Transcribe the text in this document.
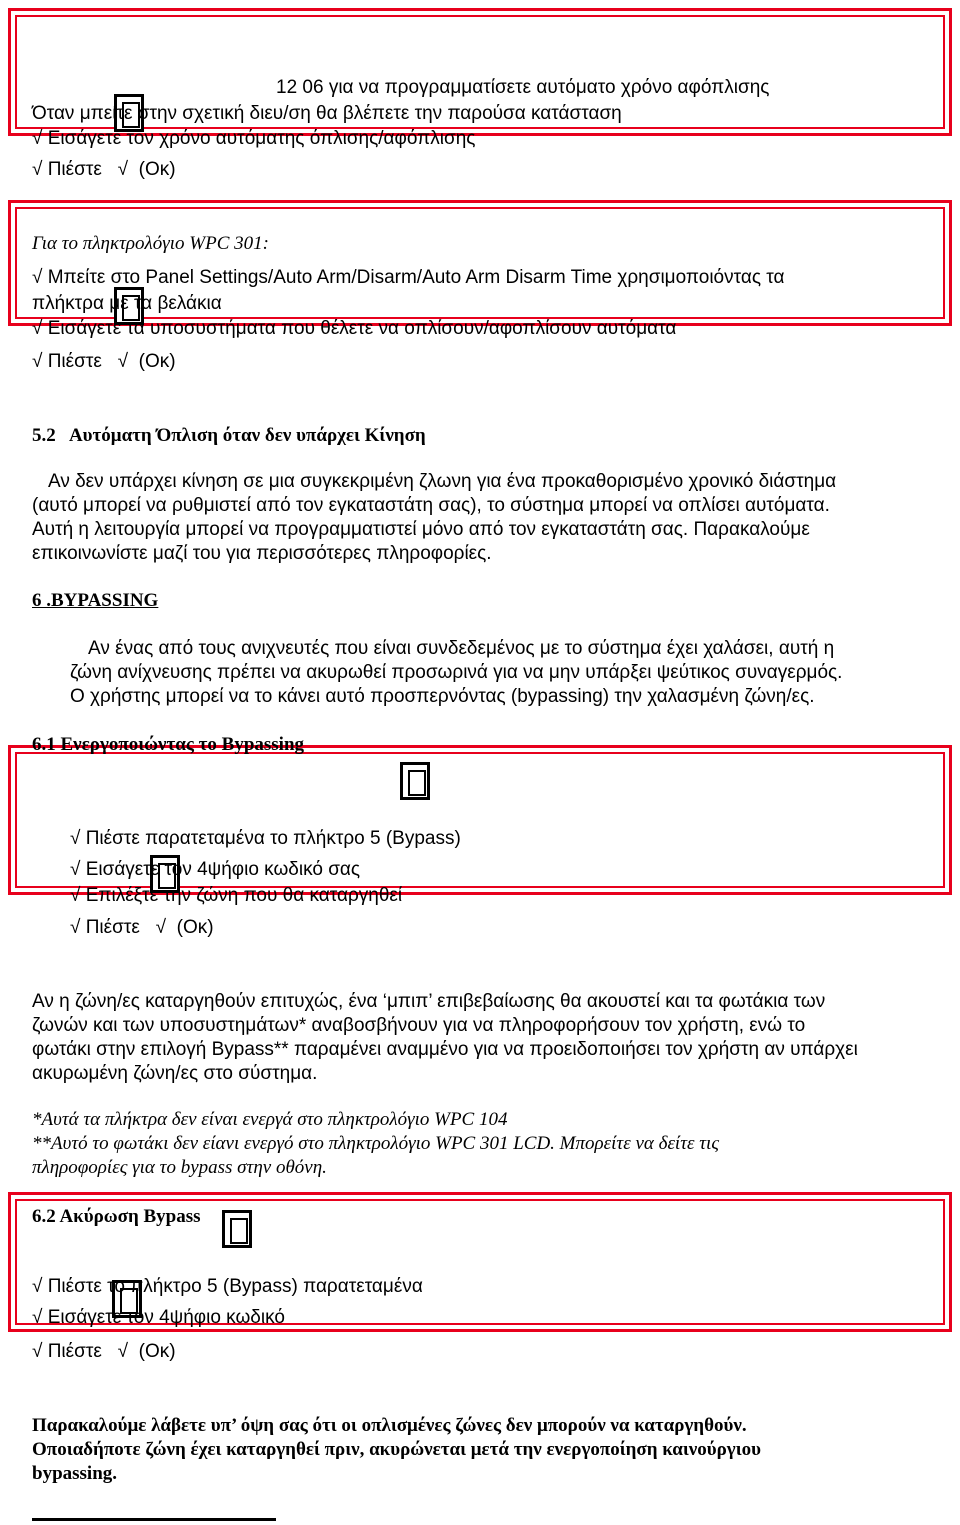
12 06 για να προγραμματίσετε αυτόματο χρόνο αφόπλισης
Όταν μπείτε στην σχετική διευ/ση θα βλέπετε την παρούσα κατάσταση
√ Εισάγετε τον χρόνο αυτόματης όπλισης/αφόπλισης
√ Πιέστε   √  (Οκ)
Για το πληκτρολόγιο WPC 301:
√ Μπείτε στο Panel Settings/Auto Arm/Disarm/Auto Arm Disarm Time χρησιμοποιόντας τα
πλήκτρα με τα βελάκια
√ Εισάγετε τα υποσυστήματα που θέλετε να οπλίσουν/αφοπλίσουν αυτόματα
√ Πιέστε   √  (Οκ)
5.2   Αυτόματη Όπλιση όταν δεν υπάρχει Κίνηση
Αν δεν υπάρχει κίνηση σε μια συγκεκριμένη ζλωνη για ένα προκαθορισμένο χρονικό διάστημα
(αυτό μπορεί να ρυθμιστεί από τον εγκαταστάτη σας), το σύστημα μπορεί να οπλίσει αυτόματα.
Αυτή η λειτουργία μπορεί να προγραμματιστεί μόνο από τον εγκαταστάτη σας. Παρακαλούμε
επικοινωνίστε μαζί του για περισσότερες πληροφορίες.
6 .BYPASSING
Αν ένας από τους ανιχνευτές που είναι συνδεδεμένος με το σύστημα έχει χαλάσει, αυτή η
ζώνη ανίχνευσης πρέπει να ακυρωθεί προσωρινά για να μην υπάρξει ψεύτικος συναγερμός.
Ο χρήστης μπορεί να το κάνει αυτό προσπερνόντας (bypassing) την χαλασμένη ζώνη/ες.
6.1 Ενεργοποιώντας το Bypassing
√ Πιέστε παρατεταμένα το πλήκτρο 5 (Bypass)
√ Εισάγετε τον 4ψήφιο κωδικό σας
√ Επιλέξτε την ζώνη που θα καταργηθεί
√ Πιέστε   √  (Οκ)
Αν η ζώνη/ες καταργηθούν επιτυχώς, ένα ‘μπιπ’ επιβεβαίωσης θα ακουστεί και τα φωτάκια των
ζωνών και των υποσυστημάτων* αναβοσβήνουν για να πληροφορήσουν τον χρήστη, ενώ το
φωτάκι στην επιλογή Bypass** παραμένει αναμμένο για να προειδοποιήσει τον χρήστη αν υπάρχει
ακυρωμένη ζώνη/ες στο σύστημα.
*Αυτά τα πλήκτρα δεν είναι ενεργά στο πληκτρολόγιο WPC 104
**Αυτό το φωτάκι δεν είανι ενεργό στο πληκτρολόγιο WPC 301 LCD. Μπορείτε να δείτε τις
πληροφορίες για το bypass στην οθόνη.
6.2 Ακύρωση Bypass
√ Πιέστε το πλήκτρο 5 (Bypass) παρατεταμένα
√ Εισάγετε τον 4ψήφιο κωδικό
√ Πιέστε   √  (Οκ)
Παρακαλούμε λάβετε υπ’ όψη σας ότι οι οπλισμένες ζώνες δεν μπορούν να καταργηθούν.
Οποιαδήποτε ζώνη έχει καταργηθεί πριν, ακυρώνεται μετά την ενεργοποίηση καινούργιου
bypassing.
